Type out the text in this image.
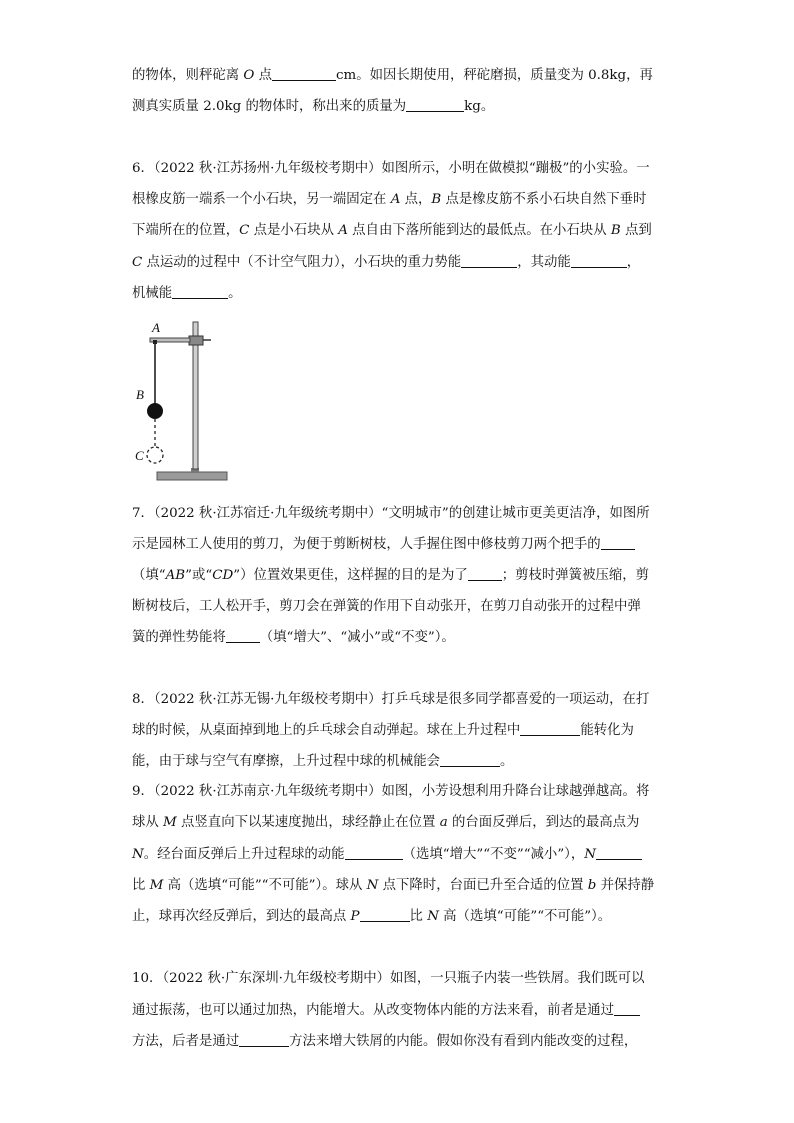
的物体，则秤砣离 O 点	cm。如因长期使用，秤砣磨损，质量变为 0.8kg，再
测真实质量 2.0kg 的物体时，称出来的质量为	kg。
6．（2022 秋·江苏扬州·九年级校考期中）如图所示，小明在做模拟“蹦极”的小实验。一
根橡皮筋一端系一个小石块，另一端固定在 A 点，B 点是橡皮筋不系小石块自然下垂时
下端所在的位置，C 点是小石块从 A 点自由下落所能到达的最低点。在小石块从 B 点到
C 点运动的过程中（不计空气阻力），小石块的重力势能	，其动能	，
机械能	。
A
B
C
7．（2022 秋·江苏宿迁·九年级统考期中）“文明城市”的创建让城市更美更洁净，如图所
示是园林工人使用的剪刀，为便于剪断树枝，人手握住图中修枝剪刀两个把手的
（填“AB”或“CD”）位置效果更佳，这样握的目的是为了	；剪枝时弹簧被压缩，剪
断树枝后，工人松开手，剪刀会在弹簧的作用下自动张开，在剪刀自动张开的过程中弹
簧的弹性势能将	（填“增大”、“减小”或“不变”）。
8．（2022 秋·江苏无锡·九年级校考期中）打乒乓球是很多同学都喜爱的一项运动，在打
球的时候，从桌面掉到地上的乒乓球会自动弹起。球在上升过程中	能转化为
能，由于球与空气有摩擦，上升过程中球的机械能会	。
9．（2022 秋·江苏南京·九年级统考期中）如图，小芳设想利用升降台让球越弹越高。将
球从 M 点竖直向下以某速度抛出，球经静止在位置 a 的台面反弹后，到达的最高点为
N。经台面反弹后上升过程球的动能	（选填“增大”“不变”“减小”），N
比 M 高（选填“可能”“不可能”）。球从 N 点下降时，台面已升至合适的位置 b 并保持静
止，球再次经反弹后，到达的最高点 P	比 N 高（选填“可能”“不可能”）。
10．（2022 秋·广东深圳·九年级校考期中）如图，一只瓶子内装一些铁屑。我们既可以
通过振荡，也可以通过加热，内能增大。从改变物体内能的方法来看，前者是通过
方法，后者是通过	方法来增大铁屑的内能。假如你没有看到内能改变的过程，
